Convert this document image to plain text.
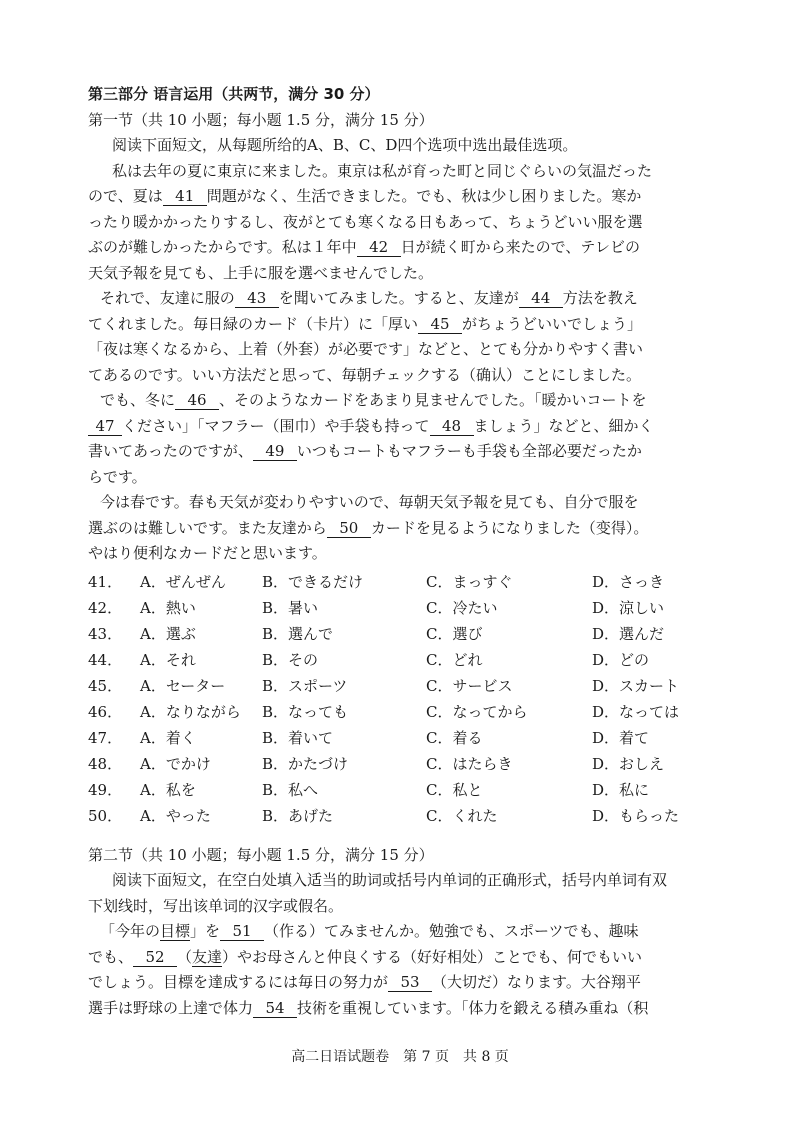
第三部分 语言运用（共两节，满分 30 分）
第一节（共 10 小题；每小题 1.5 分，满分 15 分）
阅读下面短文，从每题所给的A、B、C、D四个选项中选出最佳选项。
私は去年の夏に東京に来ました。東京は私が育った町と同じぐらいの気温だった
ので、夏は 41 問題がなく、生活できました。でも、秋は少し困りました。寒か
ったり暖かかったりするし、夜がとても寒くなる日もあって、ちょうどいい服を選
ぶのが難しかったからです。私は１年中 42 日が続く町から来たので、テレビの
天気予報を見ても、上手に服を選べませんでした。
それで、友達に服の 43 を聞いてみました。すると、友達が 44 方法を教え
てくれました。毎日緑のカード（卡片）に「厚い 45 がちょうどいいでしょう」
「夜は寒くなるから、上着（外套）が必要です」などと、とても分かりやすく書い
てあるのです。いい方法だと思って、毎朝チェックする（确认）ことにしました。
でも、冬に 46 、そのようなカードをあまり見ませんでした。「暖かいコートを
47 ください」「マフラー（围巾）や手袋も持って 48 ましょう」などと、細かく
書いてあったのですが、 49 いつもコートもマフラーも手袋も全部必要だったか
らです。
今は春です。春も天気が変わりやすいので、毎朝天気予報を見ても、自分で服を
選ぶのは難しいです。また友達から 50 カードを見るようになりました（变得）。
やはり便利なカードだと思います。
41．	A．ぜんぜん	B．できるだけ	C．まっすぐ	D．さっき
42．	A．熱い	B．暑い	C．冷たい	D．涼しい
43．	A．選ぶ	B．選んで	C．選び	D．選んだ
44．	A．それ	B．その	C．どれ	D．どの
45．	A．セーター	B．スポーツ	C．サービス	D．スカート
46．	A．なりながら	B．なっても	C．なってから	D．なっては
47．	A．着く	B．着いて	C．着る	D．着て
48．	A．でかけ	B．かたづけ	C．はたらき	D．おしえ
49．	A．私を	B．私へ	C．私と	D．私に
50．	A．やった	B．あげた	C．くれた	D．もらった
第二节（共 10 小题；每小题 1.5 分，满分 15 分）
阅读下面短文，在空白处填入适当的助词或括号内单词的正确形式，括号内单词有双
下划线时，写出该单词的汉字或假名。
「今年の目標」を 51 （作る）てみませんか。勉強でも、スポーツでも、趣味
でも、 52 （友達）やお母さんと仲良くする（好好相处）ことでも、何でもいい
でしょう。目標を達成するには毎日の努力が 53 （大切だ）なります。大谷翔平
選手は野球の上達で体力 54 技術を重視しています。「体力を鍛える積み重ね（积
高二日语试题卷　第 7 页　共 8 页
